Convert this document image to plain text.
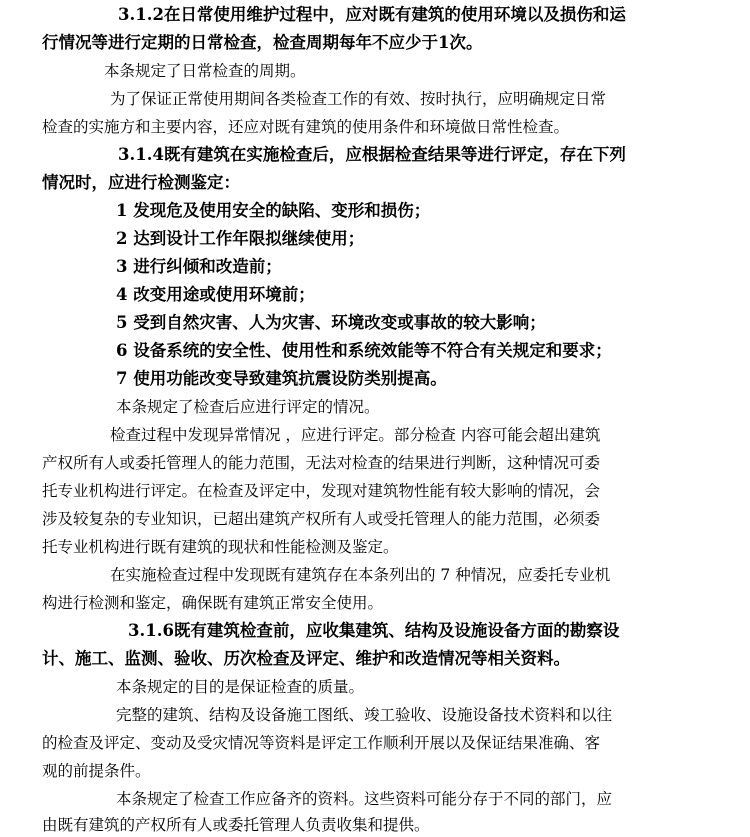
3.1.2在日常使用维护过程中，应对既有建筑的使用环境以及损伤和运
行情况等进行定期的日常检查，检查周期每年不应少于1次。
本条规定了日常检查的周期。
为了保证正常使用期间各类检查工作的有效、按时执行，应明确规定日常
检查的实施方和主要内容，还应对既有建筑的使用条件和环境做日常性检查。
3.1.4既有建筑在实施检查后，应根据检查结果等进行评定，存在下列
情况时，应进行检测鉴定：
1 发现危及使用安全的缺陷、变形和损伤；
2 达到设计工作年限拟继续使用；
3 进行纠倾和改造前；
4 改变用途或使用环境前；
5 受到自然灾害、人为灾害、环境改变或事故的较大影响；
6 设备系统的安全性、使用性和系统效能等不符合有关规定和要求；
7 使用功能改变导致建筑抗震设防类别提高。
本条规定了检查后应进行评定的情况。
检查过程中发现异常情况 ，应进行评定。部分检查 内容可能会超出建筑
产权所有人或委托管理人的能力范围，无法对检查的结果进行判断，这种情况可委
托专业机构进行评定。在检查及评定中，发现对建筑物性能有较大影响的情况，会
涉及较复杂的专业知识，已超出建筑产权所有人或受托管理人的能力范围，必须委
托专业机构进行既有建筑的现状和性能检测及鉴定。
在实施检查过程中发现既有建筑存在本条列出的 7 种情况，应委托专业机
构进行检测和鉴定，确保既有建筑正常安全使用。
3.1.6既有建筑检查前，应收集建筑、结构及设施设备方面的勘察设
计、施工、监测、验收、历次检查及评定、维护和改造情况等相关资料。
本条规定的目的是保证检查的质量。
完整的建筑、结构及设备施工图纸、竣工验收、设施设备技术资料和以往
的检查及评定、变动及受灾情况等资料是评定工作顺利开展以及保证结果准确、客
观的前提条件。
本条规定了检查工作应备齐的资料。这些资料可能分存于不同的部门，应
由既有建筑的产权所有人或委托管理人负责收集和提供。
